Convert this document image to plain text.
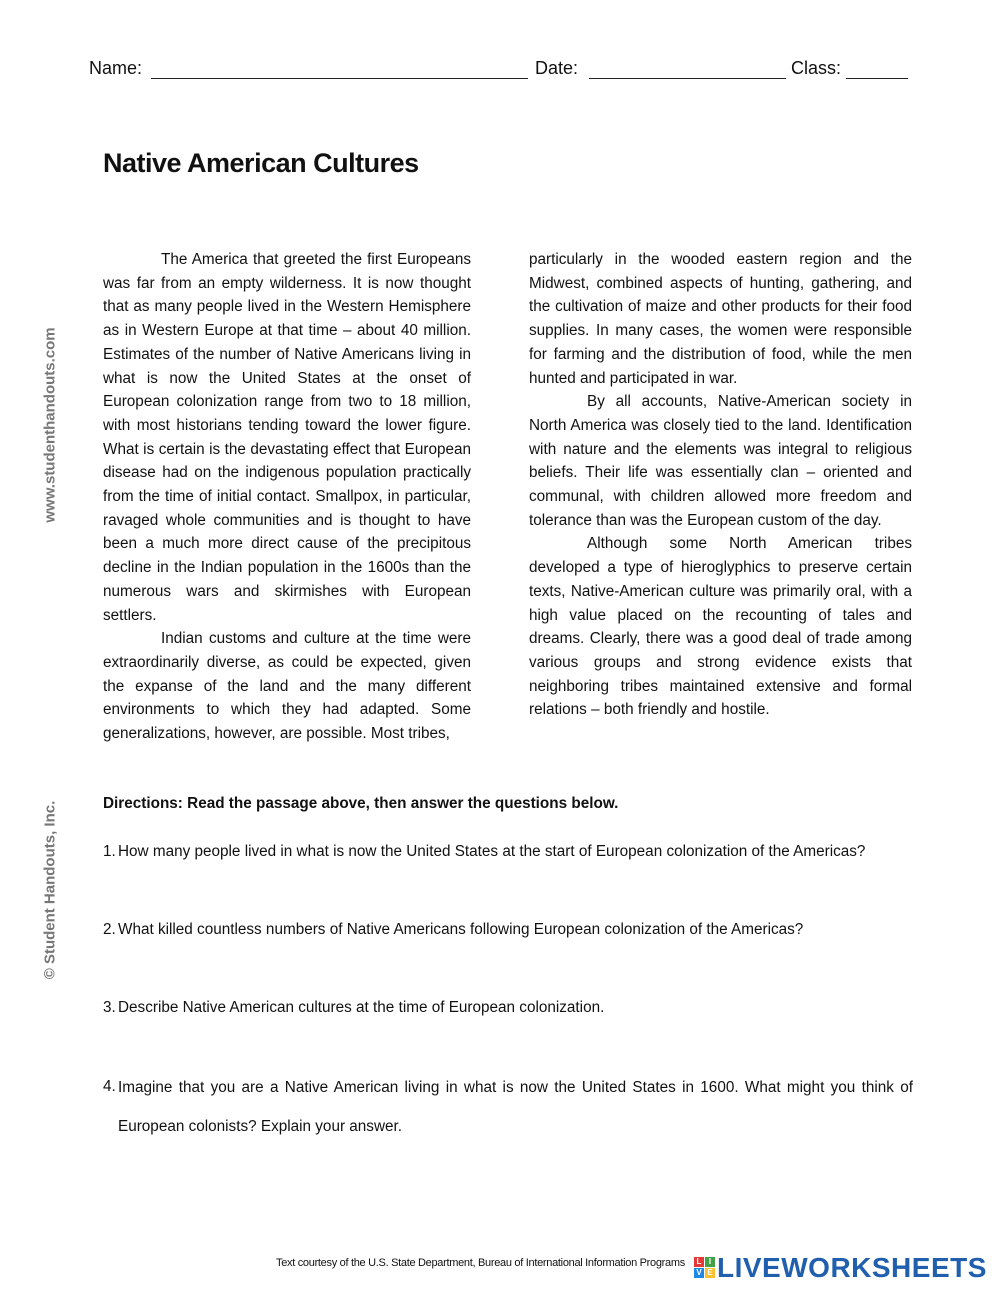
Name:	Date:	Class:
Native American Cultures
www.studenthandouts.com
© Student Handouts, Inc.

The America that greeted the first Europeans was far from an empty wilderness. It is now thought that as many people lived in the Western Hemisphere as in Western Europe at that time – about 40 million. Estimates of the number of Native Americans living in what is now the United States at the onset of European colonization range from two to 18 million, with most historians tending toward the lower figure. What is certain is the devastating effect that European disease had on the indigenous population practically from the time of initial contact. Smallpox, in particular, ravaged whole communities and is thought to have been a much more direct cause of the precipitous decline in the Indian population in the 1600s than the numerous wars and skirmishes with European settlers.

Indian customs and culture at the time were extraordinarily diverse, as could be expected, given the expanse of the land and the many different environments to which they had adapted. Some generalizations, however, are possible. Most tribes,

particularly in the wooded eastern region and the Midwest, combined aspects of hunting, gathering, and the cultivation of maize and other products for their food supplies. In many cases, the women were responsible for farming and the distribution of food, while the men hunted and participated in war.

By all accounts, Native-American society in North America was closely tied to the land. Identification with nature and the elements was integral to religious beliefs. Their life was essentially clan – oriented and communal, with children allowed more freedom and tolerance than was the European custom of the day.

Although some North American tribes developed a type of hieroglyphics to preserve certain texts, Native-American culture was primarily oral, with a high value placed on the recounting of tales and dreams. Clearly, there was a good deal of trade among various groups and strong evidence exists that neighboring tribes maintained extensive and formal relations – both friendly and hostile.

Directions: Read the passage above, then answer the questions below.
1. How many people lived in what is now the United States at the start of European colonization of the Americas?
2. What killed countless numbers of Native Americans following European colonization of the Americas?
3. Describe Native American cultures at the time of European colonization.
4. Imagine that you are a Native American living in what is now the United States in 1600. What might you think of European colonists? Explain your answer.
Text courtesy of the U.S. State Department, Bureau of International Information Programs	L I
V E LIVEWORKSHEETS
